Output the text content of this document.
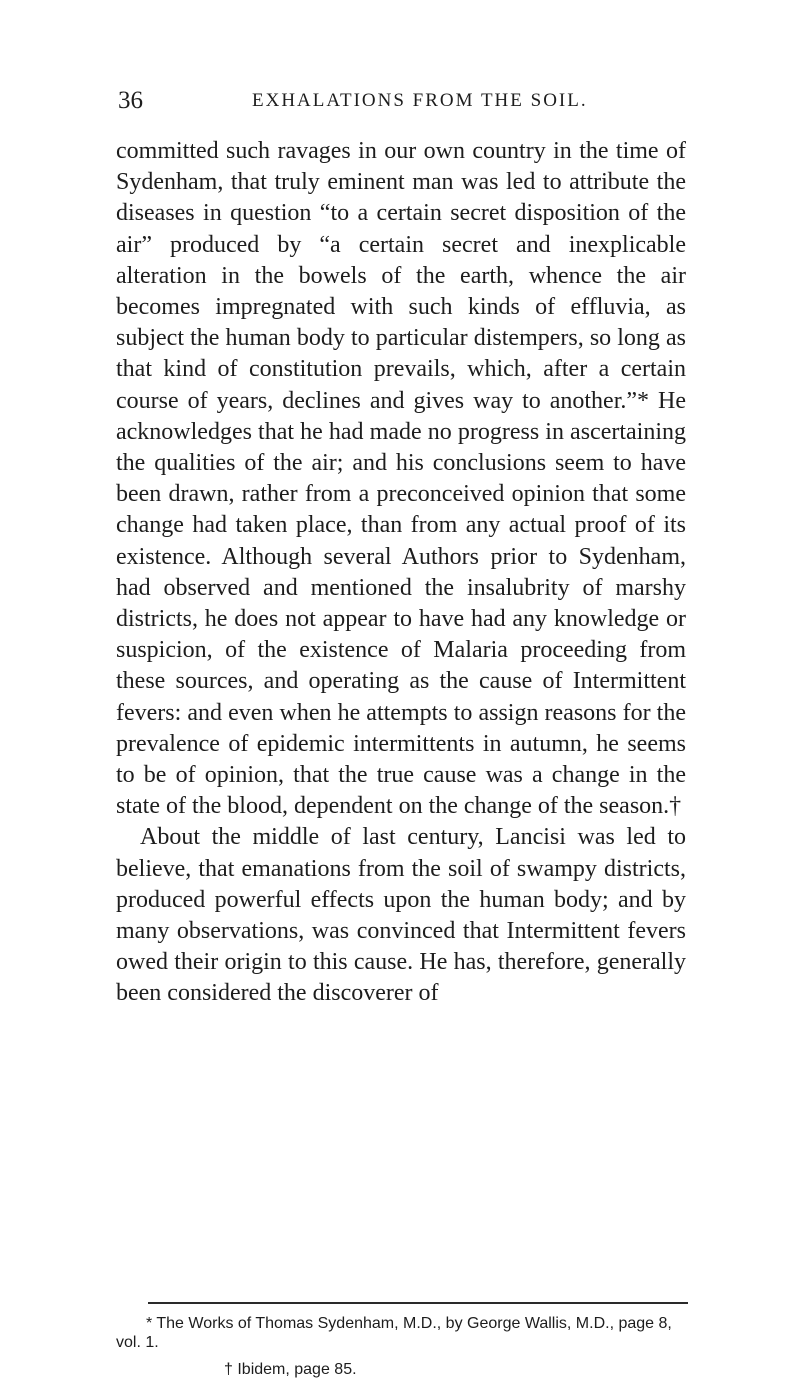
36	EXHALATIONS FROM THE SOIL.

committed such ravages in our own country in the time of Sydenham, that truly eminent man was led to attribute the diseases in question “to a certain secret disposition of the air” produced by “a certain secret and inexplicable alteration in the bowels of the earth, whence the air becomes impregnated with such kinds of effluvia, as subject the human body to particular distempers, so long as that kind of constitution prevails, which, after a certain course of years, declines and gives way to another.”* He acknowledges that he had made no progress in ascertaining the qualities of the air; and his conclusions seem to have been drawn, rather from a preconceived opinion that some change had taken place, than from any actual proof of its existence. Although several Authors prior to Sydenham, had observed and mentioned the insalubrity of marshy districts, he does not appear to have had any knowledge or suspicion, of the existence of Malaria proceeding from these sources, and operating as the cause of Intermittent fevers: and even when he attempts to assign reasons for the prevalence of epidemic intermittents in autumn, he seems to be of opinion, that the true cause was a change in the state of the blood, dependent on the change of the season.†

About the middle of last century, Lancisi was led to believe, that emanations from the soil of swampy districts, produced powerful effects upon the human body; and by many observations, was convinced that Intermittent fevers owed their origin to this cause. He has, therefore, generally been considered the discoverer of

* The Works of Thomas Sydenham, M.D., by George Wallis, M.D., page 8, vol. 1.

† Ibidem, page 85.
